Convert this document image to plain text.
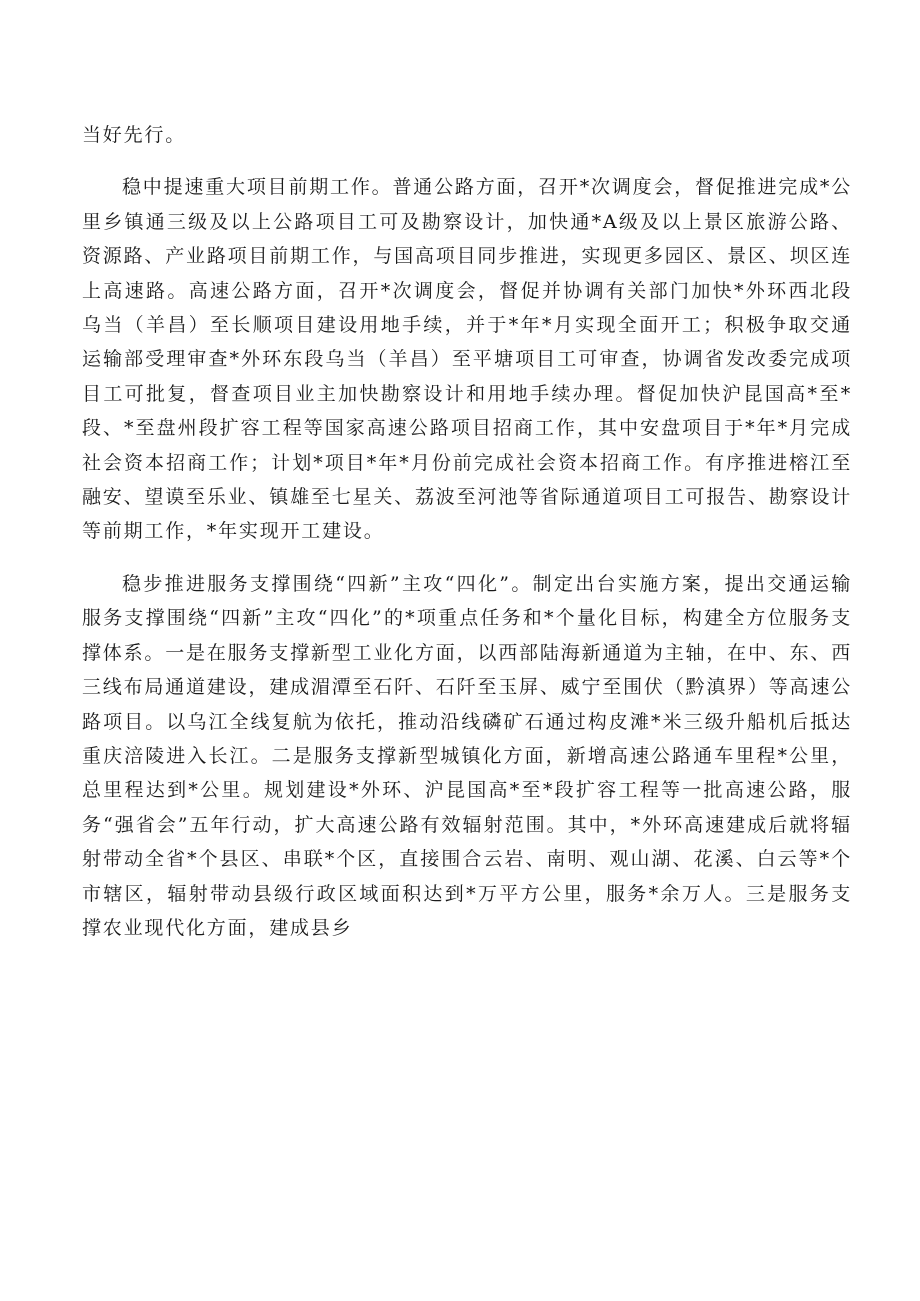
当好先行。

稳中提速重大项目前期工作。普通公路方面，召开*次调度会，督促推进完成*公里乡镇通三级及以上公路项目工可及勘察设计，加快通*A级及以上景区旅游公路、资源路、产业路项目前期工作，与国高项目同步推进，实现更多园区、景区、坝区连上高速路。高速公路方面，召开*次调度会，督促并协调有关部门加快*外环西北段乌当（羊昌）至长顺项目建设用地手续，并于*年*月实现全面开工；积极争取交通运输部受理审查*外环东段乌当（羊昌）至平塘项目工可审查，协调省发改委完成项目工可批复，督查项目业主加快勘察设计和用地手续办理。督促加快沪昆国高*至*段、*至盘州段扩容工程等国家高速公路项目招商工作，其中安盘项目于*年*月完成社会资本招商工作；计划*项目*年*月份前完成社会资本招商工作。有序推进榕江至融安、望谟至乐业、镇雄至七星关、荔波至河池等省际通道项目工可报告、勘察设计等前期工作，*年实现开工建设。

稳步推进服务支撑围绕“四新”主攻“四化”。制定出台实施方案，提出交通运输服务支撑围绕“四新”主攻“四化”的*项重点任务和*个量化目标，构建全方位服务支撑体系。一是在服务支撑新型工业化方面，以西部陆海新通道为主轴，在中、东、西三线布局通道建设，建成湄潭至石阡、石阡至玉屏、威宁至围伏（黔滇界）等高速公路项目。以乌江全线复航为依托，推动沿线磷矿石通过构皮滩*米三级升船机后抵达重庆涪陵进入长江。二是服务支撑新型城镇化方面，新增高速公路通车里程*公里，总里程达到*公里。规划建设*外环、沪昆国高*至*段扩容工程等一批高速公路，服务“强省会”五年行动，扩大高速公路有效辐射范围。其中，*外环高速建成后就将辐射带动全省*个县区、串联*个区，直接围合云岩、南明、观山湖、花溪、白云等*个市辖区，辐射带动县级行政区域面积达到*万平方公里，服务*余万人。三是服务支撑农业现代化方面，建成县乡
